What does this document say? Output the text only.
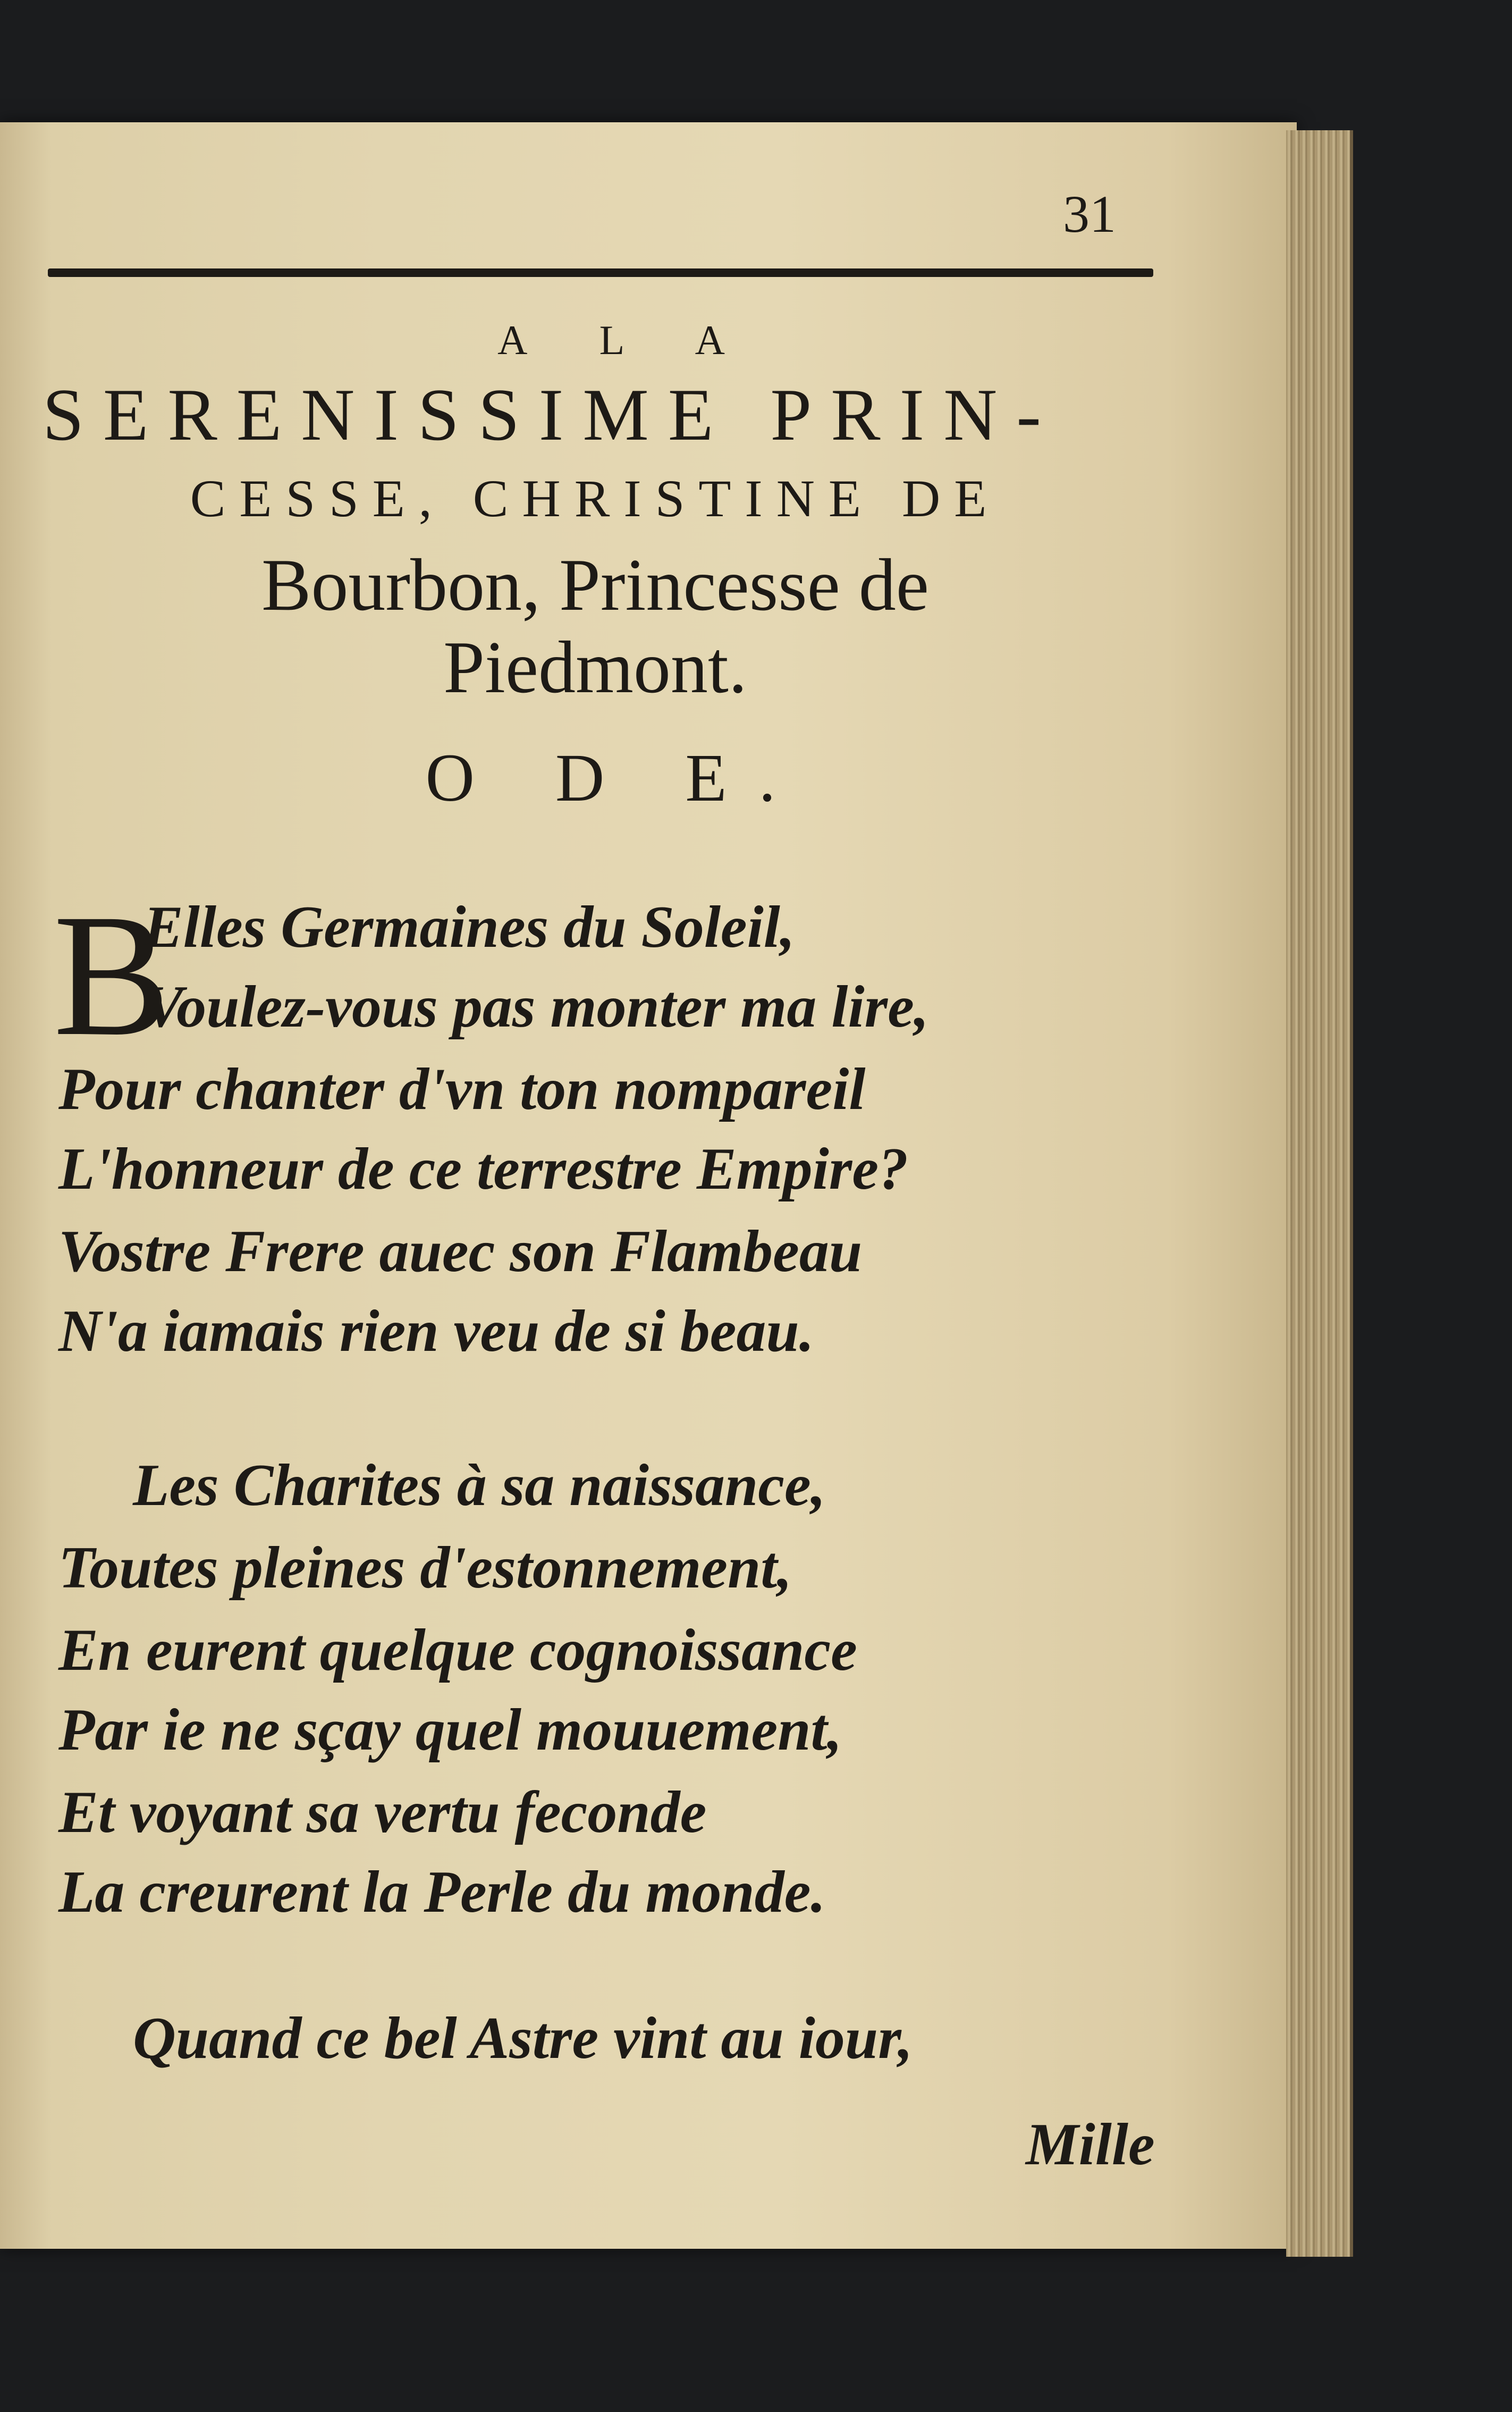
31
A L A
SERENISSIME PRIN-
CESSE, CHRISTINE DE
Bourbon, Princesse de
Piedmont.
O D E.
B
Elles Germaines du Soleil,
Voulez-vous pas monter ma lire,
Pour chanter d'vn ton nompareil
L'honneur de ce terrestre Empire?
Vostre Frere auec son Flambeau
N'a iamais rien veu de si beau.
Les Charites à sa naissance,
Toutes pleines d'estonnement,
En eurent quelque cognoissance
Par ie ne sçay quel mouuement,
Et voyant sa vertu feconde
La creurent la Perle du monde.
Quand ce bel Astre vint au iour,
Mille
